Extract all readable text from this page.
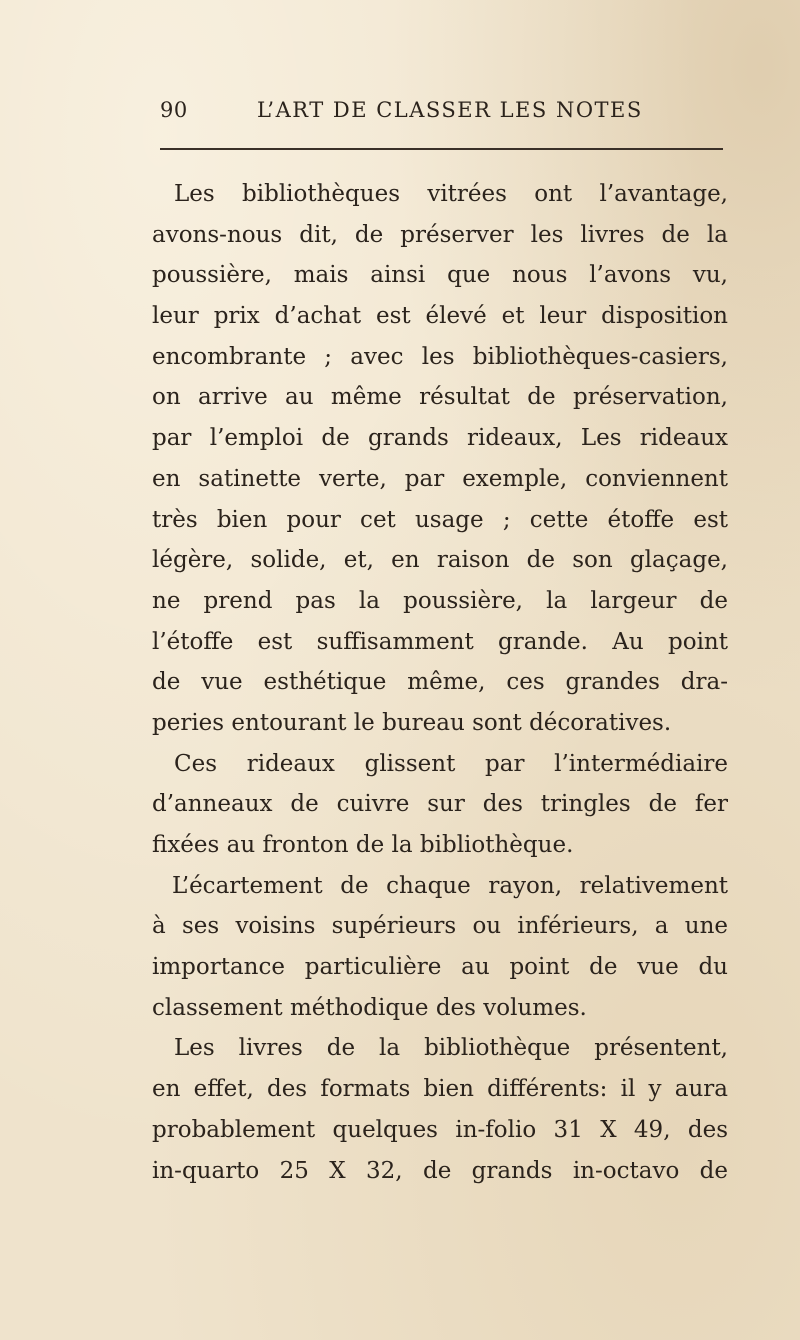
90	L’ART DE CLASSER LES NOTES
Les bibliothèques vitrées ont l’avantage,
avons-nous dit, de préserver les livres de la
poussière, mais ainsi que nous l’avons vu,
leur prix d’achat est élevé et leur disposition
encombrante ; avec les bibliothèques-casiers,
on arrive au même résultat de préservation,
par l’emploi de grands rideaux, Les rideaux
en satinette verte, par exemple, conviennent
très bien pour cet usage ; cette étoffe est
légère, solide, et, en raison de son glaçage,
ne prend pas la poussière, la largeur de
l’étoffe est suffisamment grande. Au point
de vue esthétique même, ces grandes dra-
peries entourant le bureau sont décoratives.
Ces rideaux glissent par l’intermédiaire
d’anneaux de cuivre sur des tringles de fer
fixées au fronton de la bibliothèque.
L’écartement de chaque rayon, relativement
à ses voisins supérieurs ou inférieurs, a une
importance particulière au point de vue du
classement méthodique des volumes.
Les livres de la bibliothèque présentent,
en effet, des formats bien différents: il y aura
probablement quelques in-folio 31 X 49, des
in-quarto 25 X 32, de grands in-octavo de
